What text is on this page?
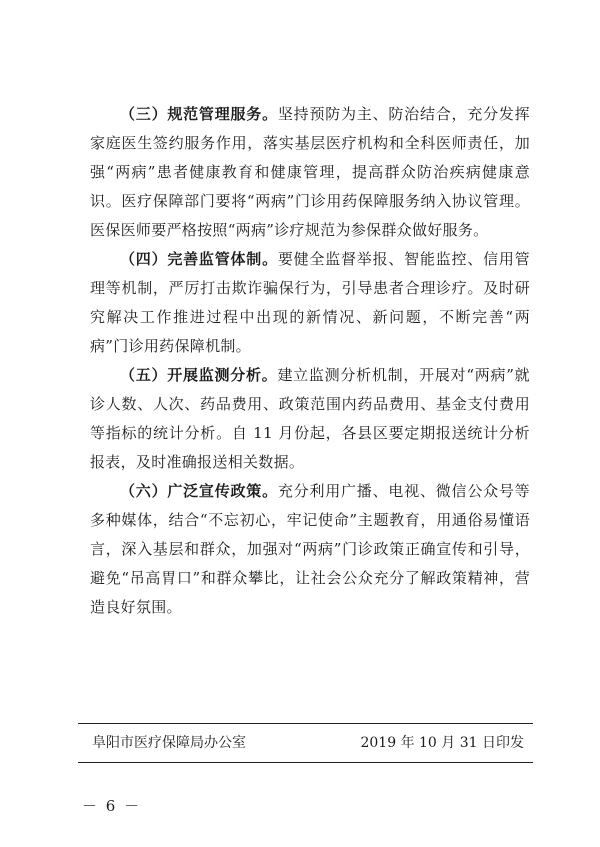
（三）规范管理服务。坚持预防为主、防治结合，充分发挥家庭医生签约服务作用，落实基层医疗机构和全科医师责任，加强“两病”患者健康教育和健康管理，提高群众防治疾病健康意识。医疗保障部门要将“两病”门诊用药保障服务纳入协议管理。医保医师要严格按照“两病”诊疗规范为参保群众做好服务。

（四）完善监管体制。要健全监督举报、智能监控、信用管理等机制，严厉打击欺诈骗保行为，引导患者合理诊疗。及时研究解决工作推进过程中出现的新情况、新问题，不断完善“两病”门诊用药保障机制。

（五）开展监测分析。建立监测分析机制，开展对“两病”就诊人数、人次、药品费用、政策范围内药品费用、基金支付费用等指标的统计分析。自 11 月份起，各县区要定期报送统计分析报表，及时准确报送相关数据。

（六）广泛宣传政策。充分利用广播、电视、微信公众号等多种媒体，结合“不忘初心，牢记使命”主题教育，用通俗易懂语言，深入基层和群众，加强对“两病”门诊政策正确宣传和引导，避免“吊高胃口”和群众攀比，让社会公众充分了解政策精神，营造良好氛围。

阜阳市医疗保障局办公室	2019 年 10 月 31 日印发
－ 6 －
